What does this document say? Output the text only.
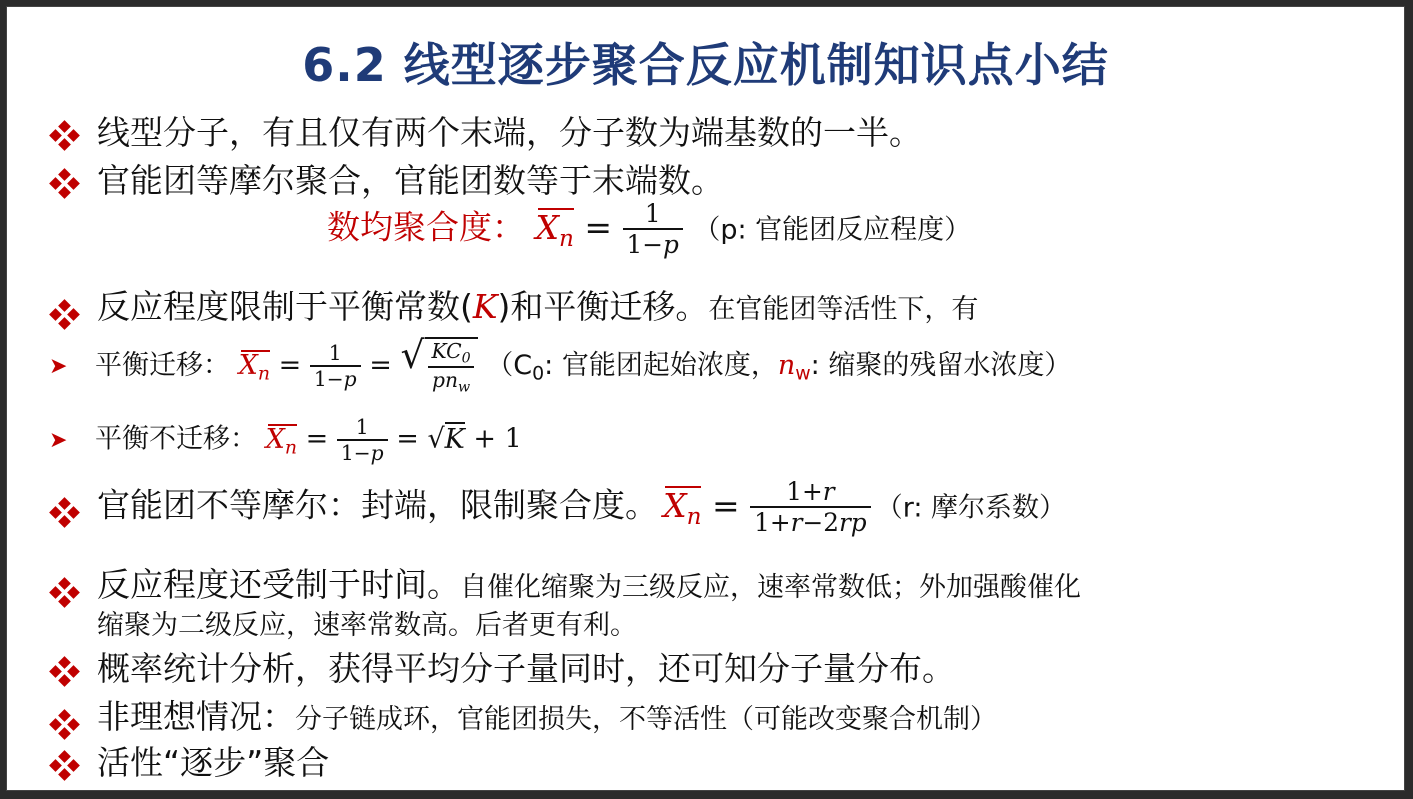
6.2 线型逐步聚合反应机制知识点小结
线型分子，有且仅有两个末端，分子数为端基数的一半。
官能团等摩尔聚合，官能团数等于末端数。
数均聚合度： $X_n = \frac{1}{1-p} (p$: 官能团反应程度）
反应程度限制于平衡常数(K)和平衡迁移。在官能团等活性下，有
➤ 平衡迁移： $X_n = \frac{1}{1-p}$ = √ $\frac{KC_0}{pn_w} (C_0$: 官能团起始浓度，$n_w$: 缩聚的残留水浓度）
➤ 平衡不迁移： $X_n = \frac{1}{1-p} = √K + 1$
官能团不等摩尔：封端，限制聚合度。 $X_n = \frac{1+r}{1+r-2rp} (r$: 摩尔系数）
反应程度还受制于时间。自催化缩聚为三级反应，速率常数低；外加强酸催化
缩聚为二级反应，速率常数高。后者更有利。
概率统计分析，获得平均分子量同时，还可知分子量分布。
非理想情况：分子链成环，官能团损失，不等活性（可能改变聚合机制）
活性“逐步”聚合
